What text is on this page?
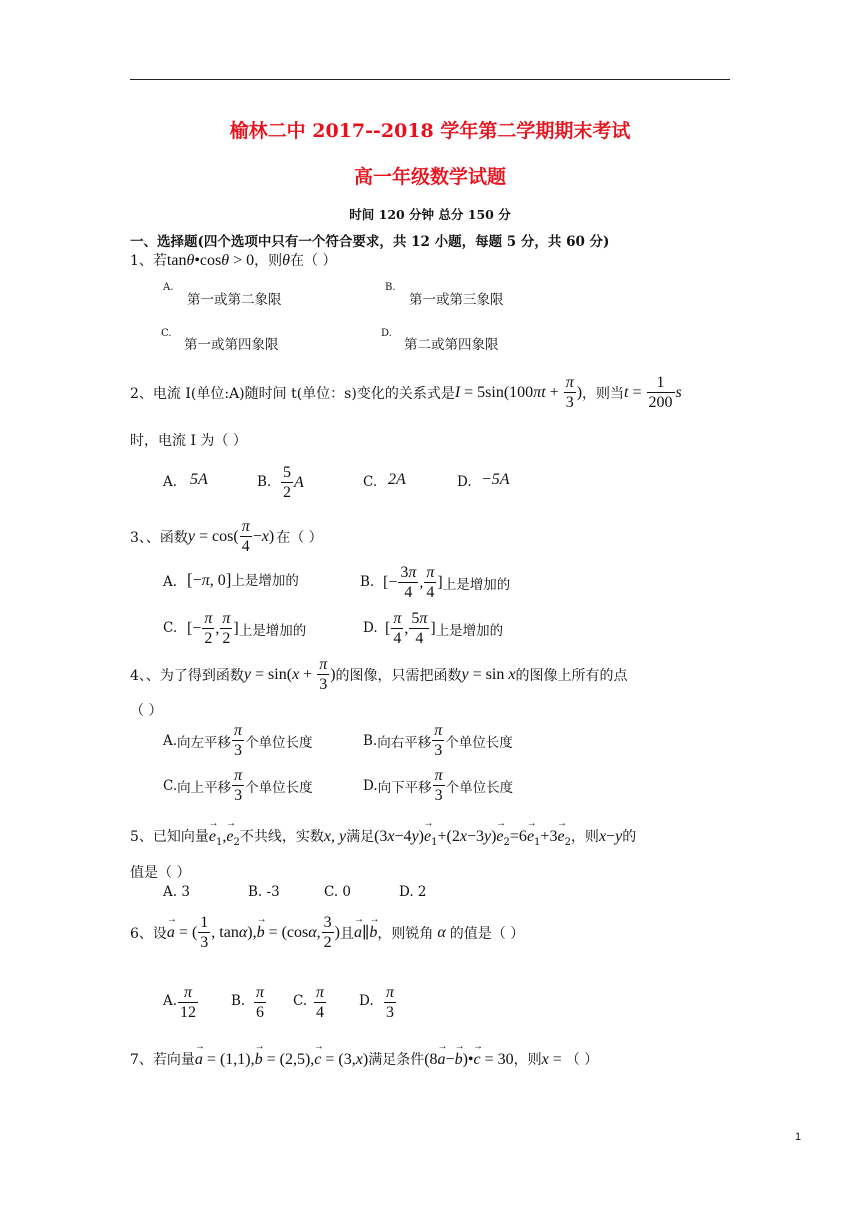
榆林二中 2017--2018 学年第二学期期末考试
高一年级数学试题
时间 120 分钟 总分 150 分
一、选择题(四个选项中只有一个符合要求，共 12 小题，每题 5 分，共 60 分)
1、若tanθ•cosθ > 0，则θ在（ ）
A.
第一或第二象限
B.
第一或第三象限
C.
第一或第四象限
D.
第二或第四象限
2、电流 I(单位:A)随时间 t(单位：s)变化的关系式是$I = 5\sin(100\pi t + \frac{\pi}{3}$ )，则当$t = \frac{1}{200}$ s
时，电流 I 为（ ）
A. 5A	B. $\frac{5}{2}$ A	C. 2A	D. −5A
3、、函数$y = \cos( \frac{\pi}{4} -x)$ 在（ ）
A. [−π, 0]上是增加的	B. [− $\frac{3\pi}{4}$ , $\frac{\pi}{4}$ ]上是增加的
C. [− $\frac{\pi}{2}$ , $\frac{\pi}{2}$ ]上是增加的	D. [ $\frac{\pi}{4}$ , $\frac{5\pi}{4}$ ]上是增加的
4、、为了得到函数$y = \sin(x + \frac{\pi}{3}$ )的图像，只需把函数y = sin x的图像上所有的点
（ ）
A.向左平移 $\frac{\pi}{3}$ 个单位长度	B.向右平移 $\frac{\pi}{3}$ 个单位长度
C.向上平移 $\frac{\pi}{3}$ 个单位长度	D.向下平移 $\frac{\pi}{3}$ 个单位长度
5、已知向量→ $e_1,\to e_2$不共线，实数x, y满足$(3x-4y)\to e_1+(2x-3y)\to e_2=6\to e_1+3\to e_2$，则x−y的
值是（ ）
A. 3	B. -3	C. 0	D. 2
6、设→ a = ( $\frac{1}{3}$ , tanα),→ b = (cosα, $\frac{3}{2}$ )且→ a∥→ b，则锐角 α 的值是（ ）
A. $\frac{\pi}{12} B$. $\frac{\pi}{6} C$. $\frac{\pi}{4} D$. $\frac{\pi}{3}$
7、若向量→ a = (1,1),→ b = (2,5),→ c = (3,x)满足条件(8→ a−→ b)•→ c = 30，则x = （ ）
1
